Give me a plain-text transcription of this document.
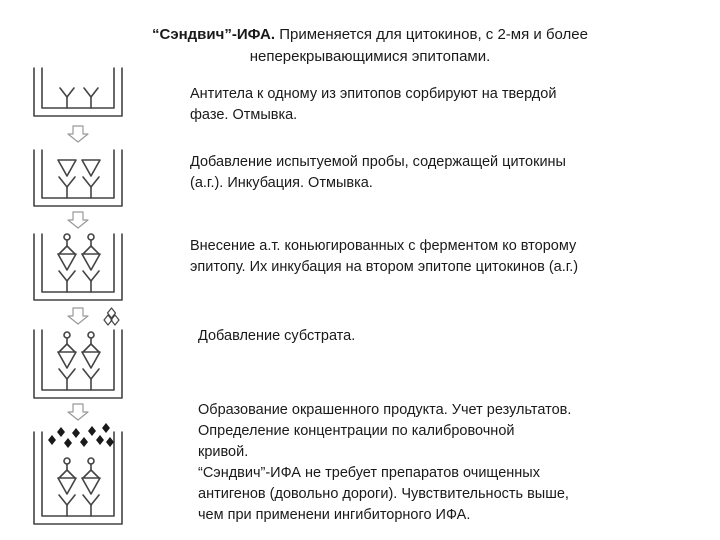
“Сэндвич”-ИФА. Применяется для цитокинов, с 2-мя и более
неперекрывающимися эпитопами.
Антитела к одному из эпитопов сорбируют на твердой
фазе. Отмывка.
Добавление испытуемой пробы, содержащей цитокины
(а.г.). Инкубация. Отмывка.
Внесение а.т. коньюгированных с ферментом ко второму
эпитопу. Их инкубация на втором эпитопе цитокинов (а.г.)
Добавление субстрата.
Образование окрашенного продукта. Учет результатов.
Определение концентрации по калибровочной
кривой.
“Сэндвич”-ИФА не требует препаратов очищенных
антигенов (довольно дороги). Чувствительность выше,
чем при применени ингибиторного ИФА.
